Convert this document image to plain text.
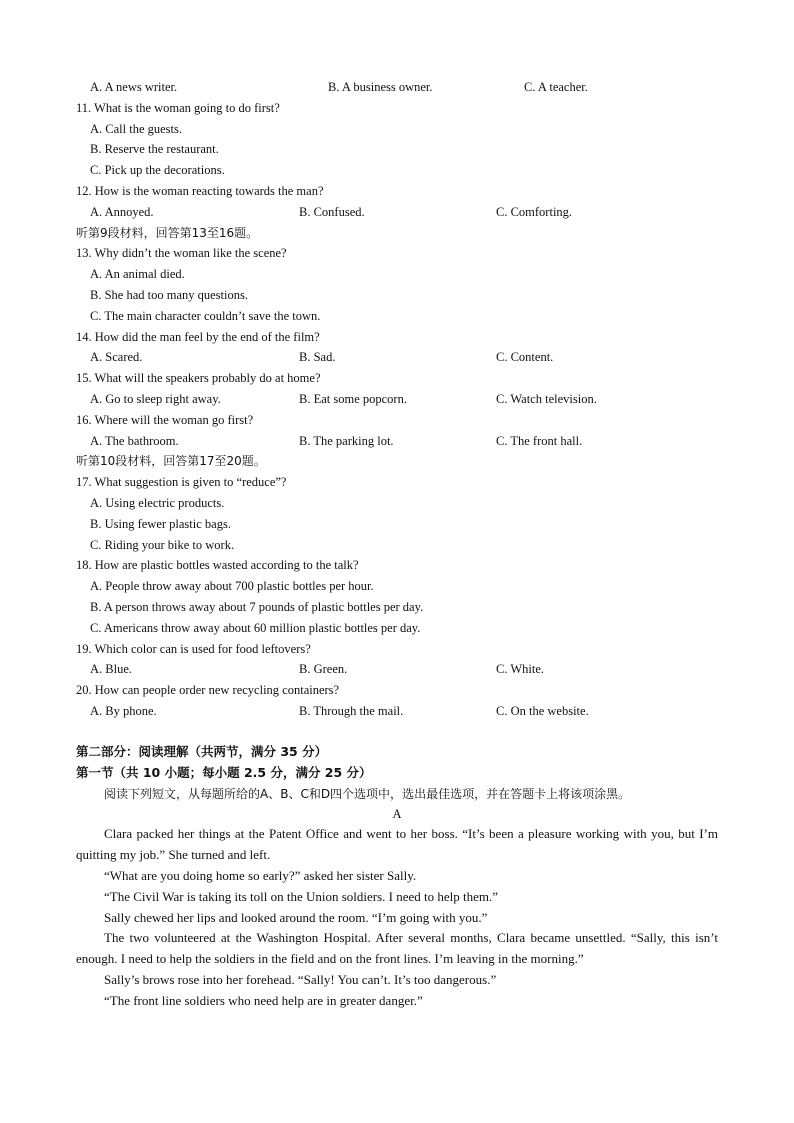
A. A news writer.	B. A business owner.	C. A teacher.
11. What is the woman going to do first?
A. Call the guests.
B. Reserve the restaurant.
C. Pick up the decorations.
12. How is the woman reacting towards the man?
A. Annoyed.	B. Confused.	C. Comforting.
听第9段材料，回答第13至16题。
13. Why didn’t the woman like the scene?
A. An animal died.
B. She had too many questions.
C. The main character couldn’t save the town.
14. How did the man feel by the end of the film?
A. Scared.	B. Sad.	C. Content.
15. What will the speakers probably do at home?
A. Go to sleep right away.	B. Eat some popcorn.	C. Watch television.
16. Where will the woman go first?
A. The bathroom.	B. The parking lot.	C. The front hall.
听第10段材料，回答第17至20题。
17. What suggestion is given to “reduce”?
A. Using electric products.
B. Using fewer plastic bags.
C. Riding your bike to work.
18. How are plastic bottles wasted according to the talk?
A. People throw away about 700 plastic bottles per hour.
B. A person throws away about 7 pounds of plastic bottles per day.
C. Americans throw away about 60 million plastic bottles per day.
19. Which color can is used for food leftovers?
A. Blue.	B. Green.	C. White.
20. How can people order new recycling containers?
A. By phone.	B. Through the mail.	C. On the website.
第二部分：阅读理解（共两节，满分 35 分）
第一节（共 10 小题；每小题 2.5 分，满分 25 分）
阅读下列短文，从每题所给的A、B、C和D四个选项中，选出最佳选项，并在答题卡上将该项涂黑。
A
Clara packed her things at the Patent Office and went to her boss. “It’s been a pleasure working with you, but I’m quitting my job.” She turned and left.
“What are you doing home so early?” asked her sister Sally.
“The Civil War is taking its toll on the Union soldiers. I need to help them.”
Sally chewed her lips and looked around the room. “I’m going with you.”
The two volunteered at the Washington Hospital. After several months, Clara became unsettled. “Sally, this isn’t enough. I need to help the soldiers in the field and on the front lines. I’m leaving in the morning.”
Sally’s brows rose into her forehead. “Sally! You can’t. It’s too dangerous.”
“The front line soldiers who need help are in greater danger.”
